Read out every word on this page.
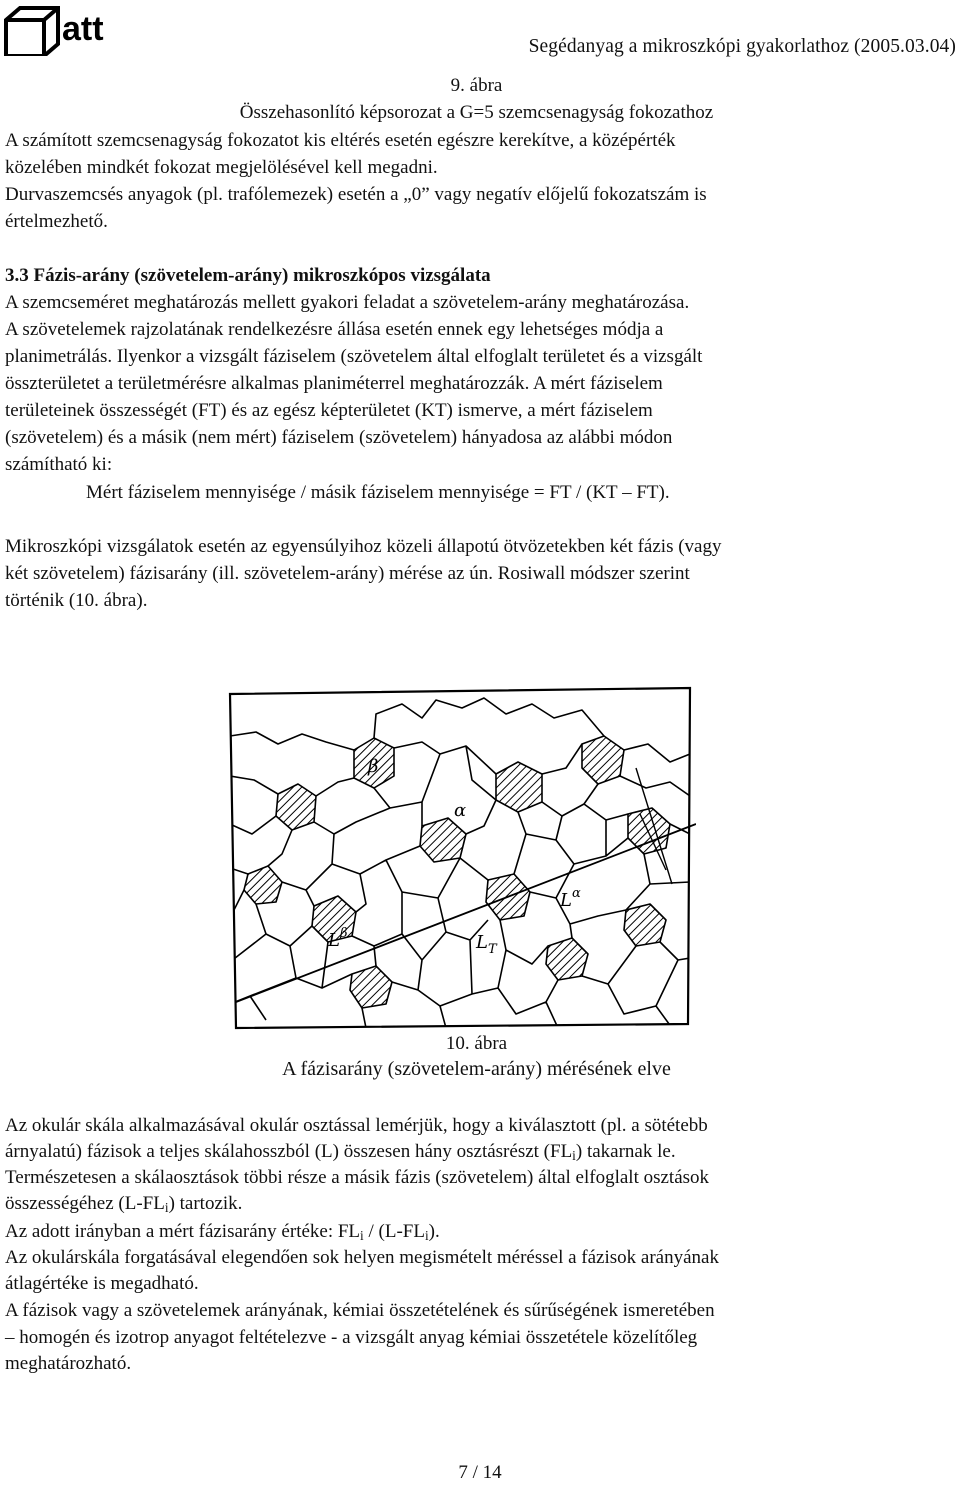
att	Segédanyag a mikroszkópi gyakorlathoz (2005.03.04)
9. ábra
Összehasonlító képsorozat a G=5 szemcsenagyság fokozathoz
A számított szemcsenagyság fokozatot kis eltérés esetén egészre kerekítve, a középérték
közelében mindkét fokozat megjelölésével kell megadni.
Durvaszemcsés anyagok (pl. trafólemezek) esetén a „0” vagy negatív előjelű fokozatszám is
értelmezhető.
3.3 Fázis-arány (szövetelem-arány) mikroszkópos vizsgálata
A szemcseméret meghatározás mellett gyakori feladat a szövetelem-arány meghatározása.
A szövetelemek rajzolatának rendelkezésre állása esetén ennek egy lehetséges módja a
planimetrálás. Ilyenkor a vizsgált fáziselem (szövetelem által elfoglalt területet és a vizsgált
összterületet a területmérésre alkalmas planiméterrel meghatározzák. A mért fáziselem
területeinek összességét (FT) és az egész képterületet (KT) ismerve, a mért fáziselem
(szövetelem) és a másik (nem mért) fáziselem (szövetelem) hányadosa az alábbi módon
számítható ki:
Mért fáziselem mennyisége / másik fáziselem mennyisége = FT / (KT – FT).
Mikroszkópi vizsgálatok esetén az egyensúlyihoz közeli állapotú ötvözetekben két fázis (vagy
két szövetelem) fázisarány (ill. szövetelem-arány) mérése az ún. Rosiwall módszer szerint
történik (10. ábra).
β
α
$L^\alpha$
$L^\beta$	$L_T$
10. ábra
A fázisarány (szövetelem-arány) mérésének elve
Az okulár skála alkalmazásával okulár osztással lemérjük, hogy a kiválasztott (pl. a sötétebb
árnyalatú) fázisok a teljes skálahosszból (L) összesen hány osztásrészt $(FL_i)$ takarnak le.
Természetesen a skálaosztások többi része a másik fázis (szövetelem) által elfoglalt osztások
összességéhez $(L-FL_i)$ tartozik.
Az adott irányban a mért fázisarány értéke: $FL_i / (L-FL_i)$.
Az okulárskála forgatásával elegendően sok helyen megismételt méréssel a fázisok arányának
átlagértéke is megadható.
A fázisok vagy a szövetelemek arányának, kémiai összetételének és sűrűségének ismeretében
– homogén és izotrop anyagot feltételezve - a vizsgált anyag kémiai összetétele közelítőleg
meghatározható.
7 / 14
